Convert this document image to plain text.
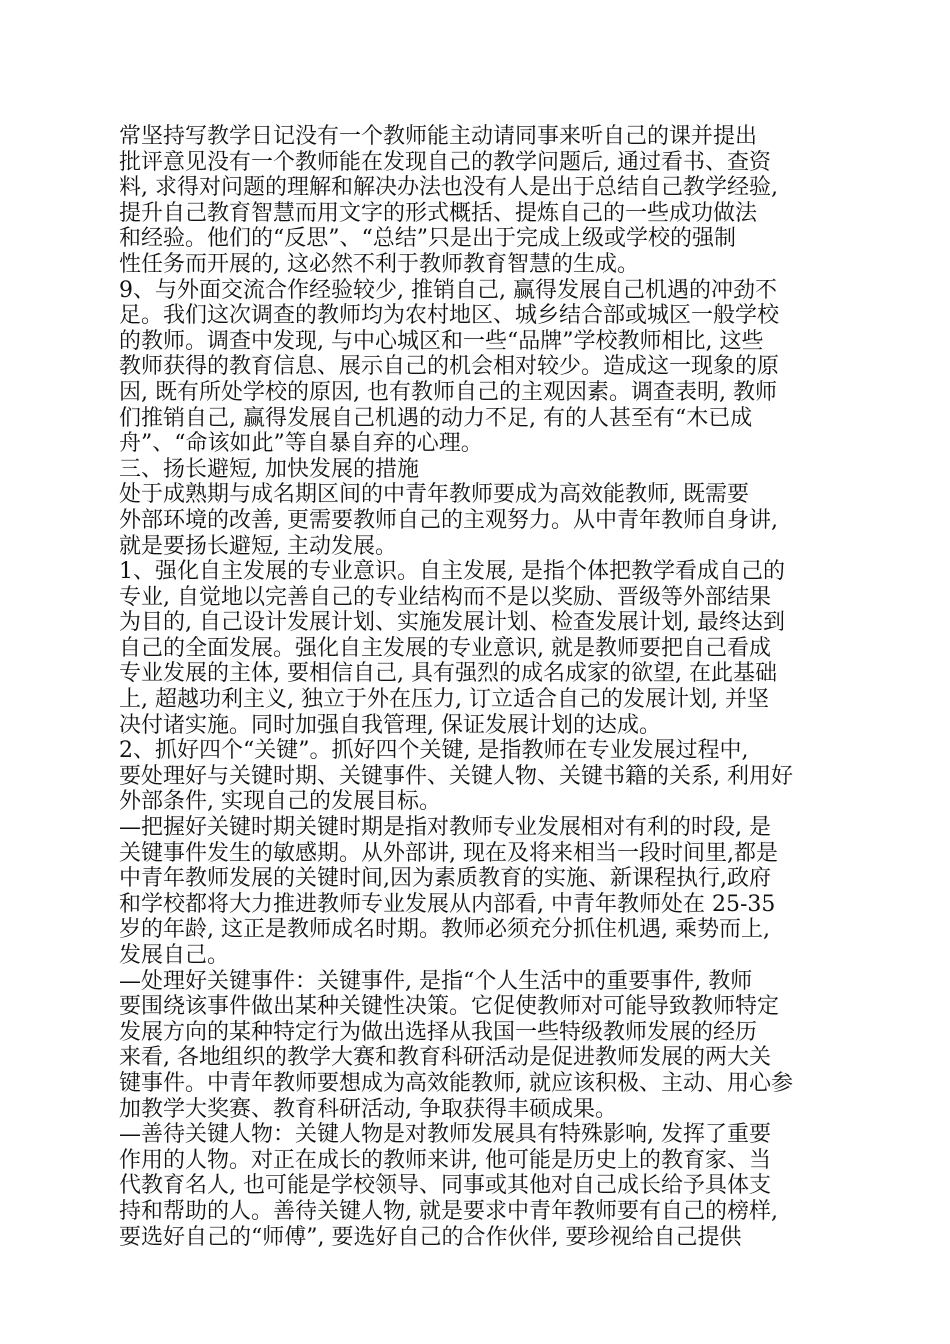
常坚持写教学日记没有一个教师能主动请同事来听自己的课并提出
批评意见没有一个教师能在发现自己的教学问题后, 通过看书、查资
料, 求得对问题的理解和解决办法也没有人是出于总结自己教学经验,
提升自己教育智慧而用文字的形式概括、提炼自己的一些成功做法
和经验。他们的“反思”、“总结”只是出于完成上级或学校的强制
性任务而开展的, 这必然不利于教师教育智慧的生成。
9、与外面交流合作经验较少, 推销自己, 赢得发展自己机遇的冲劲不
足。我们这次调查的教师均为农村地区、城乡结合部或城区一般学校
的教师。调查中发现, 与中心城区和一些“品牌”学校教师相比, 这些
教师获得的教育信息、展示自己的机会相对较少。造成这一现象的原
因, 既有所处学校的原因, 也有教师自己的主观因素。调查表明, 教师
们推销自己, 赢得发展自己机遇的动力不足, 有的人甚至有“木已成
舟”、“命该如此”等自暴自弃的心理。
三、扬长避短, 加快发展的措施
处于成熟期与成名期区间的中青年教师要成为高效能教师, 既需要
外部环境的改善, 更需要教师自己的主观努力。从中青年教师自身讲,
就是要扬长避短, 主动发展。
1、强化自主发展的专业意识。自主发展, 是指个体把教学看成自己的
专业, 自觉地以完善自己的专业结构而不是以奖励、晋级等外部结果
为目的, 自己设计发展计划、实施发展计划、检查发展计划, 最终达到
自己的全面发展。强化自主发展的专业意识, 就是教师要把自己看成
专业发展的主体, 要相信自己, 具有强烈的成名成家的欲望, 在此基础
上, 超越功利主义, 独立于外在压力, 订立适合自己的发展计划, 并坚
决付诸实施。同时加强自我管理, 保证发展计划的达成。
2、抓好四个“关键”。抓好四个关键, 是指教师在专业发展过程中,
要处理好与关键时期、关键事件、关键人物、关键书籍的关系, 利用好
外部条件, 实现自己的发展目标。
—把握好关键时期关键时期是指对教师专业发展相对有利的时段, 是
关键事件发生的敏感期。从外部讲, 现在及将来相当一段时间里,都是
中青年教师发展的关键时间,因为素质教育的实施、新课程执行,政府
和学校都将大力推进教师专业发展从内部看, 中青年教师处在 25-35
岁的年龄, 这正是教师成名时期。教师必须充分抓住机遇, 乘势而上,
发展自己。
—处理好关键事件：关键事件, 是指“个人生活中的重要事件, 教师
要围绕该事件做出某种关键性决策。它促使教师对可能导致教师特定
发展方向的某种特定行为做出选择从我国一些特级教师发展的经历
来看, 各地组织的教学大赛和教育科研活动是促进教师发展的两大关
键事件。中青年教师要想成为高效能教师, 就应该积极、主动、用心参
加教学大奖赛、教育科研活动, 争取获得丰硕成果。
—善待关键人物：关键人物是对教师发展具有特殊影响, 发挥了重要
作用的人物。对正在成长的教师来讲, 他可能是历史上的教育家、当
代教育名人, 也可能是学校领导、同事或其他对自己成长给予具体支
持和帮助的人。善待关键人物, 就是要求中青年教师要有自己的榜样,
要选好自己的“师傅”, 要选好自己的合作伙伴, 要珍视给自己提供
